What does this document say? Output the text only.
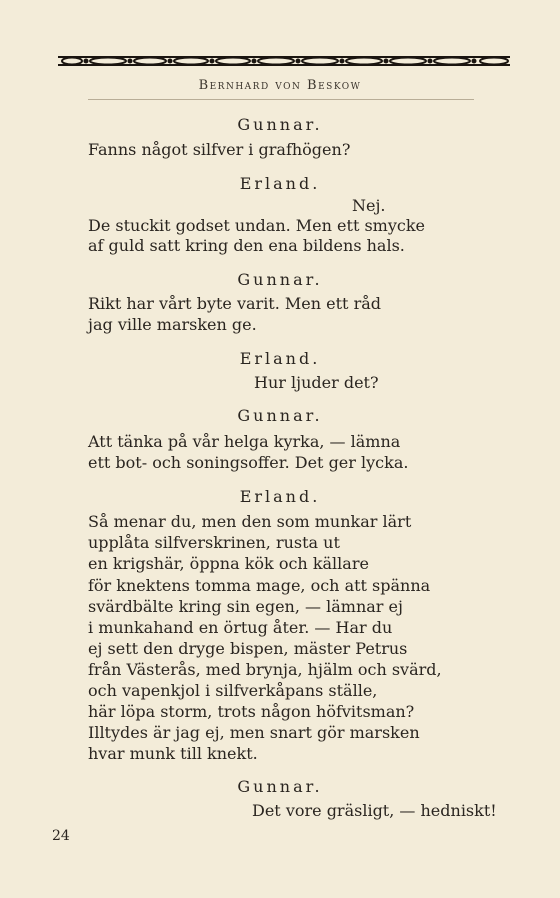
Bernhard von Beskow
Gunnar.
Fanns något silfver i grafhögen?
Erland.
Nej.
De stuckit godset undan. Men ett smycke
af guld satt kring den ena bildens hals.
Gunnar.
Rikt har vårt byte varit. Men ett råd
jag ville marsken ge.
Erland.
Hur ljuder det?
Gunnar.
Att tänka på vår helga kyrka, — lämna
ett bot- och soningsoffer. Det ger lycka.
Erland.
Så menar du, men den som munkar lärt
upplåta silfverskrinen, rusta ut
en krigshär, öppna kök och källare
för knektens tomma mage, och att spänna
svärdbälte kring sin egen, — lämnar ej
i munkahand en örtug åter. — Har du
ej sett den dryge bispen, mäster Petrus
från Västerås, med brynja, hjälm och svärd,
och vapenkjol i silfverkåpans ställe,
här löpa storm, trots någon höfvitsman?
Illtydes är jag ej, men snart gör marsken
hvar munk till knekt.
Gunnar.
Det vore gräsligt, — hedniskt!
24
